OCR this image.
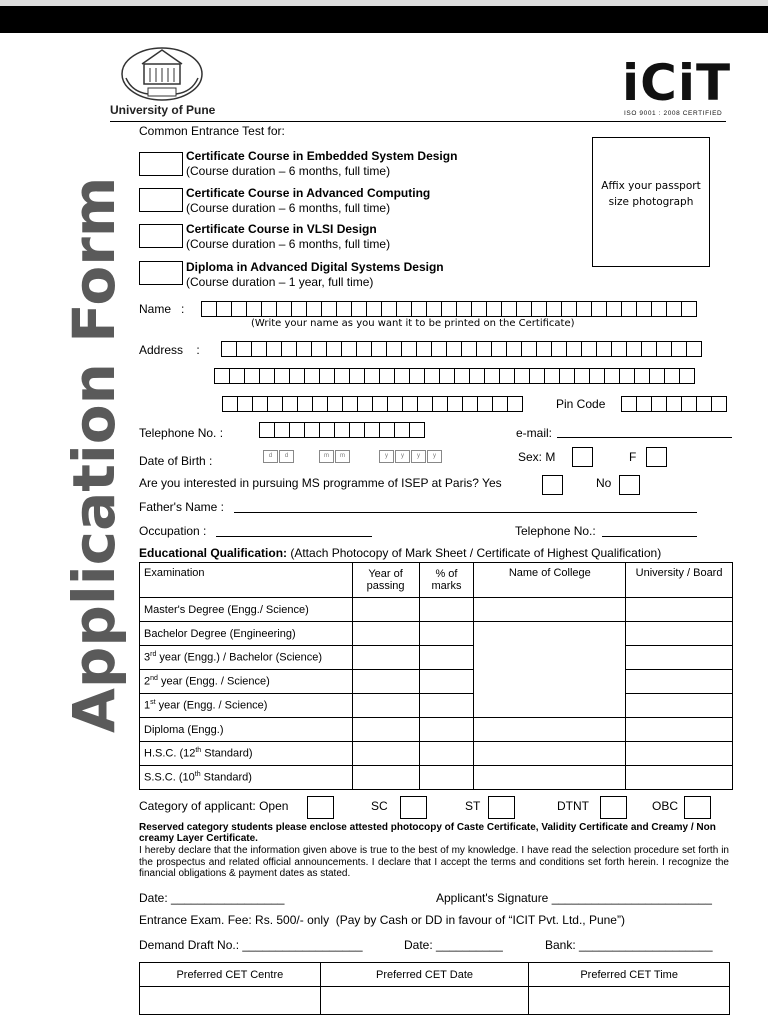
Application Form
University of Pune	iCiT
ISO 9001 : 2008 CERTIFIED
Common Entrance Test for:
Certificate Course in Embedded System Design
(Course duration – 6 months, full time)
Certificate Course in Advanced Computing
(Course duration – 6 months, full time)
Certificate Course in VLSI Design
(Course duration – 6 months, full time)
Diploma in Advanced Digital Systems Design
(Course duration – 1 year, full time)
Affix your passport size photograph
Name   :
(Write your name as you want it to be printed on the Certificate)
Address    :
Pin Code
Telephone No. :	e-mail:
Date of Birth :	d	d	m	m	y	y	y	y	Sex: M	F
Are you interested in pursuing MS programme of ISEP at Paris? Yes	No
Father's Name :
Occupation :	Telephone No.:
Educational Qualification: (Attach Photocopy of Mark Sheet / Certificate of Highest Qualification)
Examination	Year of passing	% of marks	Name of College	University / Board
Master's Degree (Engg./ Science)				
Bachelor Degree (Engineering)				
3rd year (Engg.) / Bachelor (Science)				
2nd year (Engg. / Science)				
1st year (Engg. / Science)				
Diploma (Engg.)				
H.S.C. (12th Standard)				
S.S.C. (10th Standard)				
Category of applicant: Open	SC	ST	DTNT	OBC
Reserved category students please enclose attested photocopy of Caste Certificate, Validity Certificate and Creamy / Non creamy Layer Certificate.
I hereby declare that the information given above is true to the best of my knowledge. I have read the selection procedure set forth in the prospectus and related official announcements. I declare that I accept the terms and conditions set forth herein. I recognize the financial obligations & payment dates as stated.
Date: _________________	Applicant's Signature ________________________
Entrance Exam. Fee: Rs. 500/- only  (Pay by Cash or DD in favour of “ICIT Pvt. Ltd., Pune”)
Demand Draft No.: __________________	Date: __________	Bank: ____________________
Preferred CET Centre	Preferred CET Date	Preferred CET Time
